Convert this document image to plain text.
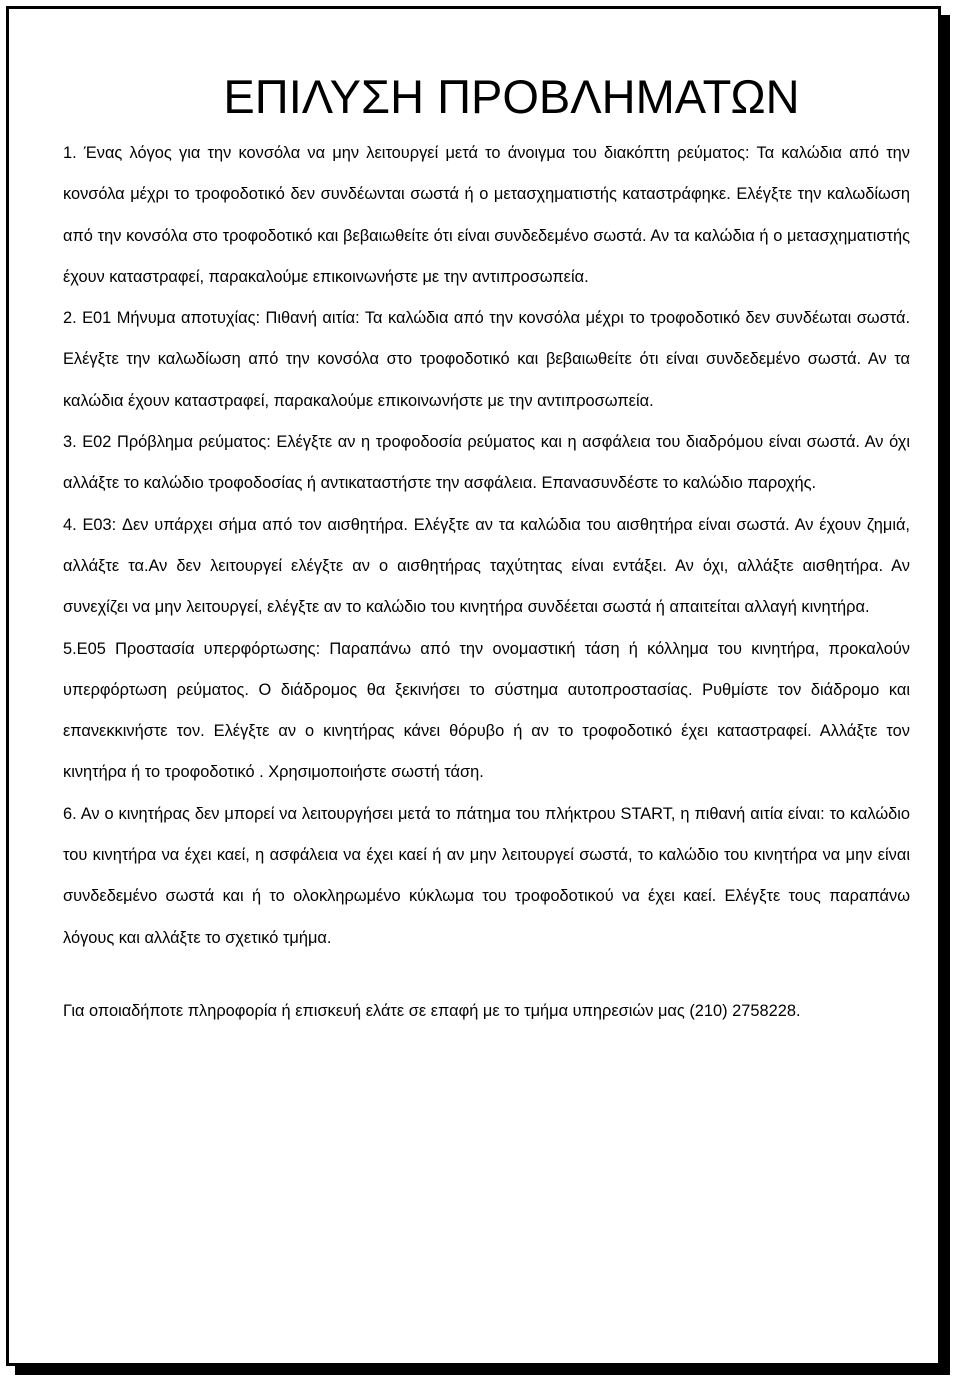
ΕΠΙΛΥΣΗ ΠΡΟΒΛΗΜΑΤΩΝ

1. Ένας λόγος για την κονσόλα να μην λειτουργεί μετά το άνοιγμα του διακόπτη ρεύματος: Τα καλώδια από την κονσόλα μέχρι το τροφοδοτικό δεν συνδέωνται σωστά ή ο μετασχηματιστής καταστράφηκε. Ελέγξτε την καλωδίωση από την κονσόλα στο τροφοδοτικό και βεβαιωθείτε ότι είναι συνδεδεμένο σωστά. Αν τα καλώδια ή ο μετασχηματιστής έχουν καταστραφεί, παρακαλούμε επικοινωνήστε με την αντιπροσωπεία.

2. E01 Μήνυμα αποτυχίας: Πιθανή αιτία: Τα καλώδια από την κονσόλα μέχρι το τροφοδοτικό δεν συνδέωται σωστά. Ελέγξτε την καλωδίωση από την κονσόλα στο τροφοδοτικό και βεβαιωθείτε ότι είναι συνδεδεμένο σωστά. Αν τα καλώδια έχουν καταστραφεί, παρακαλούμε επικοινωνήστε με την αντιπροσωπεία.

3. E02 Πρόβλημα ρεύματος: Ελέγξτε αν η τροφοδοσία ρεύματος και η ασφάλεια του διαδρόμου είναι σωστά. Αν όχι αλλάξτε το καλώδιο τροφοδοσίας ή αντικαταστήστε την ασφάλεια. Επανασυνδέστε το καλώδιο παροχής.

4. E03: Δεν υπάρχει σήμα από τον αισθητήρα. Ελέγξτε αν τα καλώδια του αισθητήρα είναι σωστά. Αν έχουν ζημιά, αλλάξτε τα.Αν δεν λειτουργεί ελέγξτε αν ο αισθητήρας ταχύτητας είναι εντάξει. Αν όχι, αλλάξτε αισθητήρα. Αν συνεχίζει να μην λειτουργεί, ελέγξτε αν το καλώδιο του κινητήρα συνδέεται σωστά ή απαιτείται αλλαγή κινητήρα.

5.E05 Προστασία υπερφόρτωσης: Παραπάνω από την ονομαστική τάση ή κόλλημα του κινητήρα, προκαλούν υπερφόρτωση ρεύματος. Ο διάδρομος θα ξεκινήσει το σύστημα αυτοπροστασίας. Ρυθμίστε τον διάδρομο και επανεκκινήστε τον. Ελέγξτε αν ο κινητήρας κάνει θόρυβο ή αν το τροφοδοτικό έχει καταστραφεί. Αλλάξτε τον κινητήρα ή το τροφοδοτικό . Χρησιμοποιήστε σωστή τάση.

6. Αν ο κινητήρας δεν μπορεί να λειτουργήσει μετά το πάτημα του πλήκτρου START, η πιθανή αιτία είναι: το καλώδιο του κινητήρα να έχει καεί, η ασφάλεια να έχει καεί ή αν μην λειτουργεί σωστά, το καλώδιο του κινητήρα να μην είναι συνδεδεμένο σωστά και ή το ολοκληρωμένο κύκλωμα του τροφοδοτικού να έχει καεί. Ελέγξτε τους παραπάνω λόγους και αλλάξτε το σχετικό τμήμα.

Για οποιαδήποτε πληροφορία ή επισκευή ελάτε σε επαφή με το τμήμα υπηρεσιών μας (210) 2758228.
